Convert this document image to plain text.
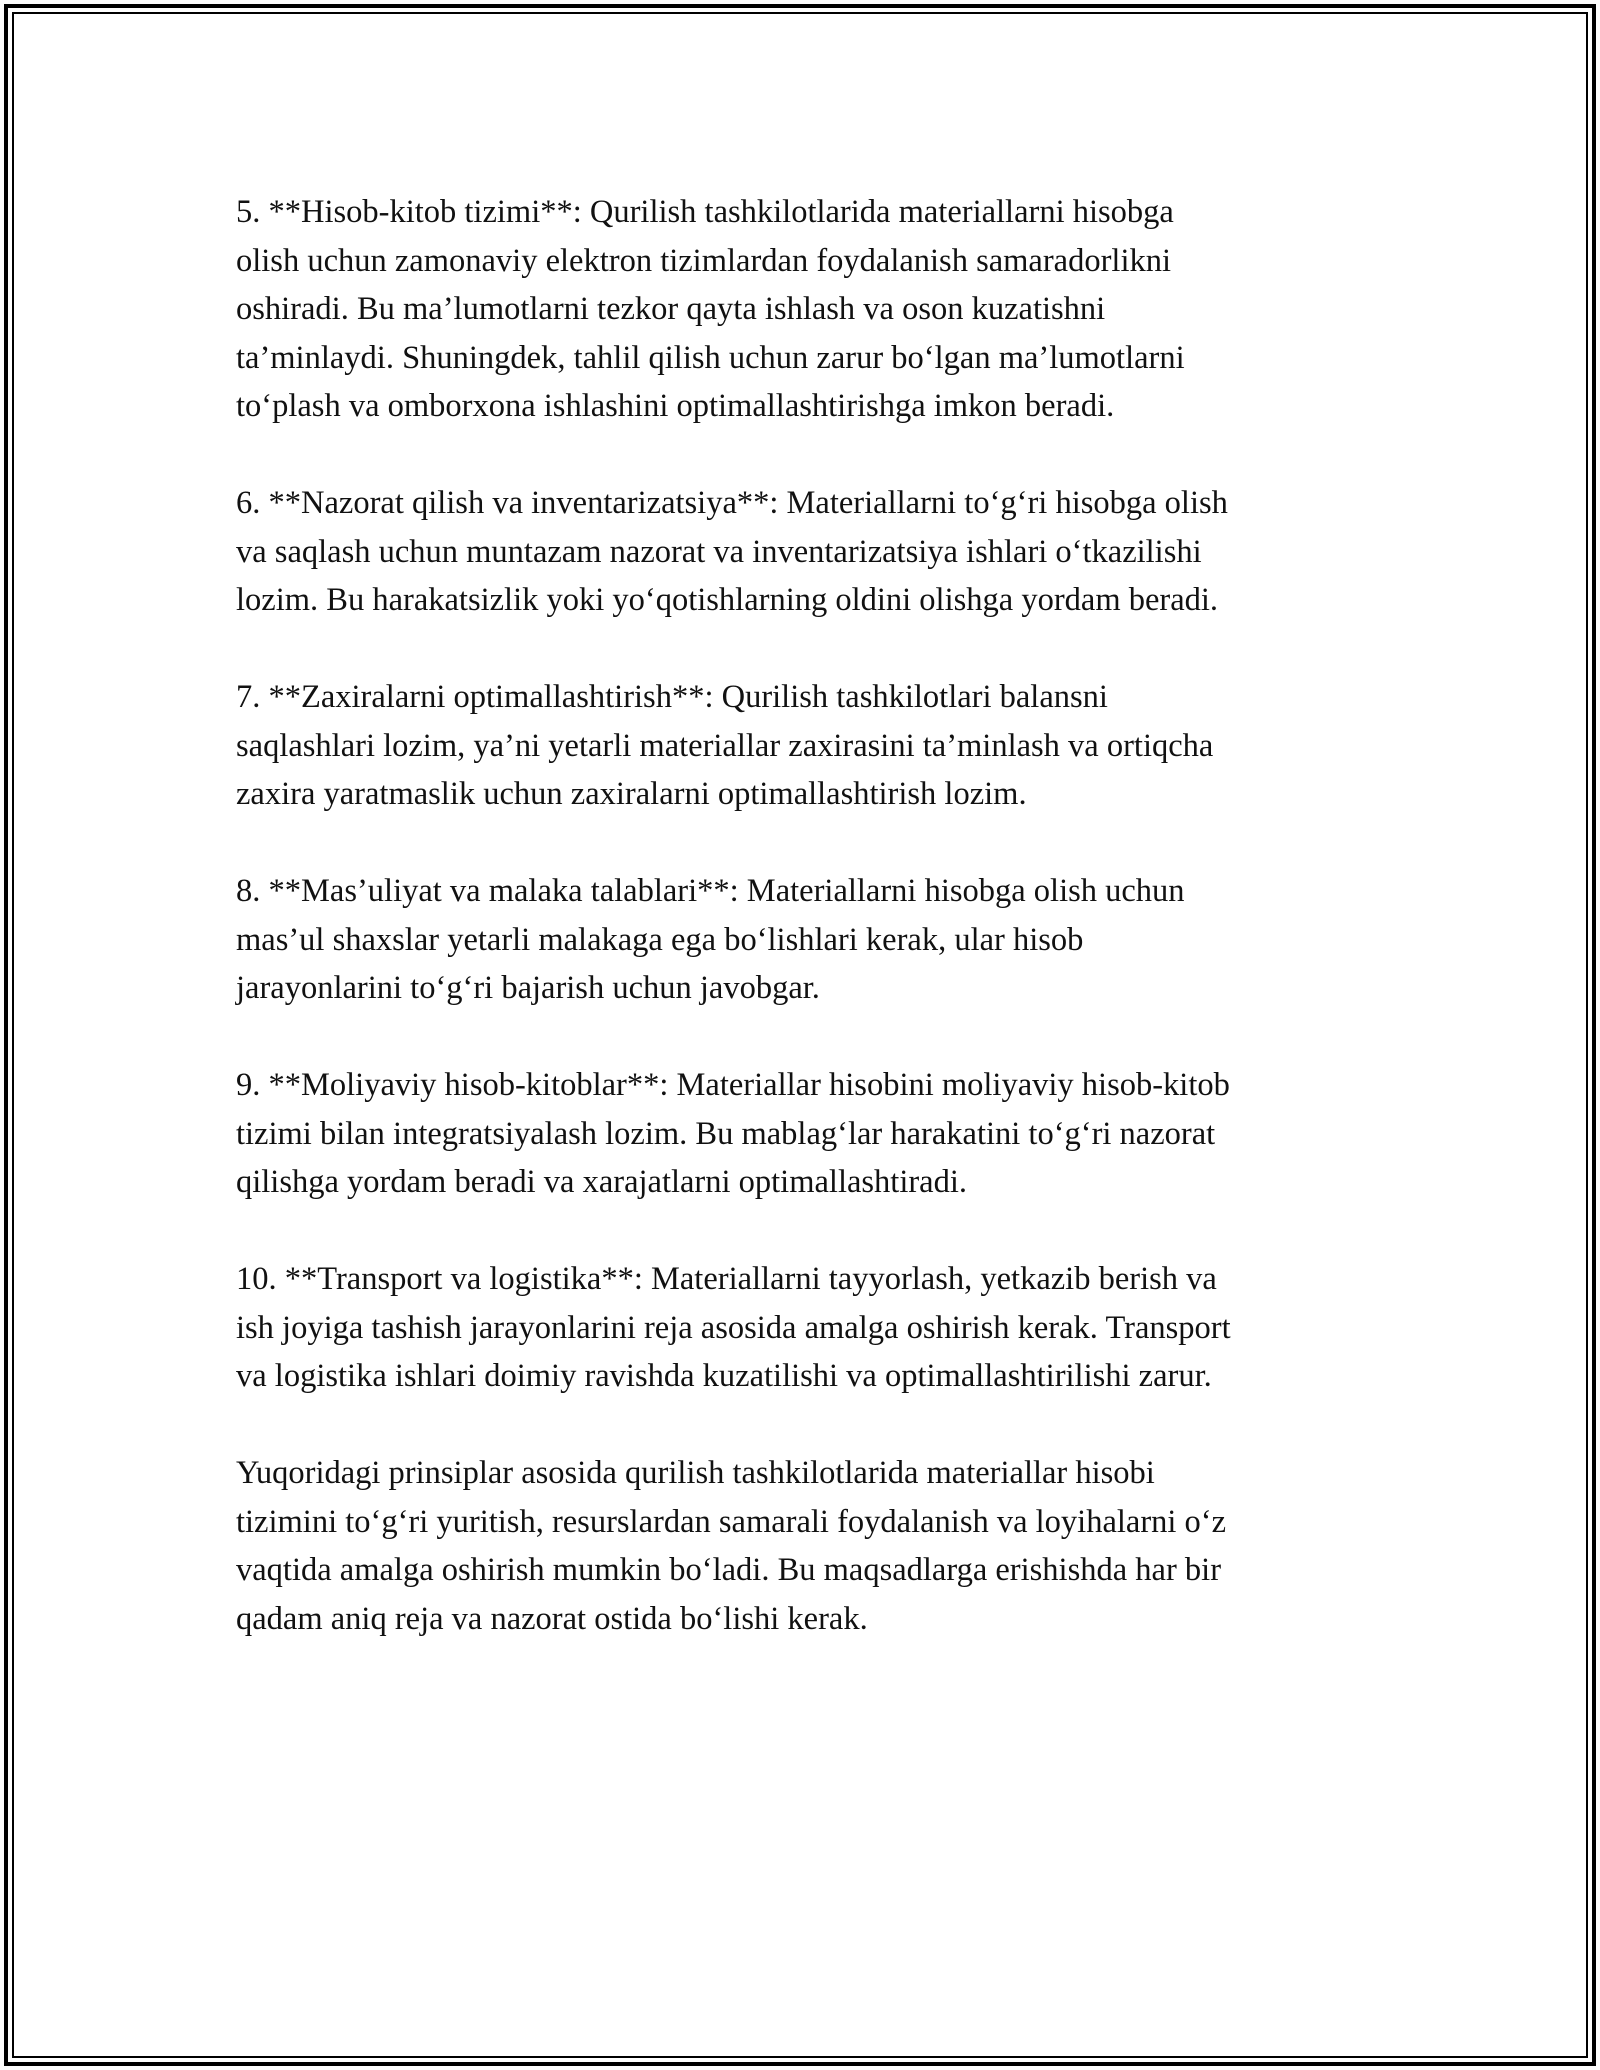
5. **Hisob-kitob tizimi**: Qurilish tashkilotlarida materiallarni hisobga
olish uchun zamonaviy elektron tizimlardan foydalanish samaradorlikni
oshiradi. Bu ma’lumotlarni tezkor qayta ishlash va oson kuzatishni
ta’minlaydi. Shuningdek, tahlil qilish uchun zarur bo‘lgan ma’lumotlarni
to‘plash va omborxona ishlashini optimallashtirishga imkon beradi.

6. **Nazorat qilish va inventarizatsiya**: Materiallarni to‘g‘ri hisobga olish
va saqlash uchun muntazam nazorat va inventarizatsiya ishlari o‘tkazilishi
lozim. Bu harakatsizlik yoki yo‘qotishlarning oldini olishga yordam beradi.

7. **Zaxiralarni optimallashtirish**: Qurilish tashkilotlari balansni
saqlashlari lozim, ya’ni yetarli materiallar zaxirasini ta’minlash va ortiqcha
zaxira yaratmaslik uchun zaxiralarni optimallashtirish lozim.

8. **Mas’uliyat va malaka talablari**: Materiallarni hisobga olish uchun
mas’ul shaxslar yetarli malakaga ega bo‘lishlari kerak, ular hisob
jarayonlarini to‘g‘ri bajarish uchun javobgar.

9. **Moliyaviy hisob-kitoblar**: Materiallar hisobini moliyaviy hisob-kitob
tizimi bilan integratsiyalash lozim. Bu mablag‘lar harakatini to‘g‘ri nazorat
qilishga yordam beradi va xarajatlarni optimallashtiradi.

10. **Transport va logistika**: Materiallarni tayyorlash, yetkazib berish va
ish joyiga tashish jarayonlarini reja asosida amalga oshirish kerak. Transport
va logistika ishlari doimiy ravishda kuzatilishi va optimallashtirilishi zarur.

Yuqoridagi prinsiplar asosida qurilish tashkilotlarida materiallar hisobi
tizimini to‘g‘ri yuritish, resurslardan samarali foydalanish va loyihalarni o‘z
vaqtida amalga oshirish mumkin bo‘ladi. Bu maqsadlarga erishishda har bir
qadam aniq reja va nazorat ostida bo‘lishi kerak.
